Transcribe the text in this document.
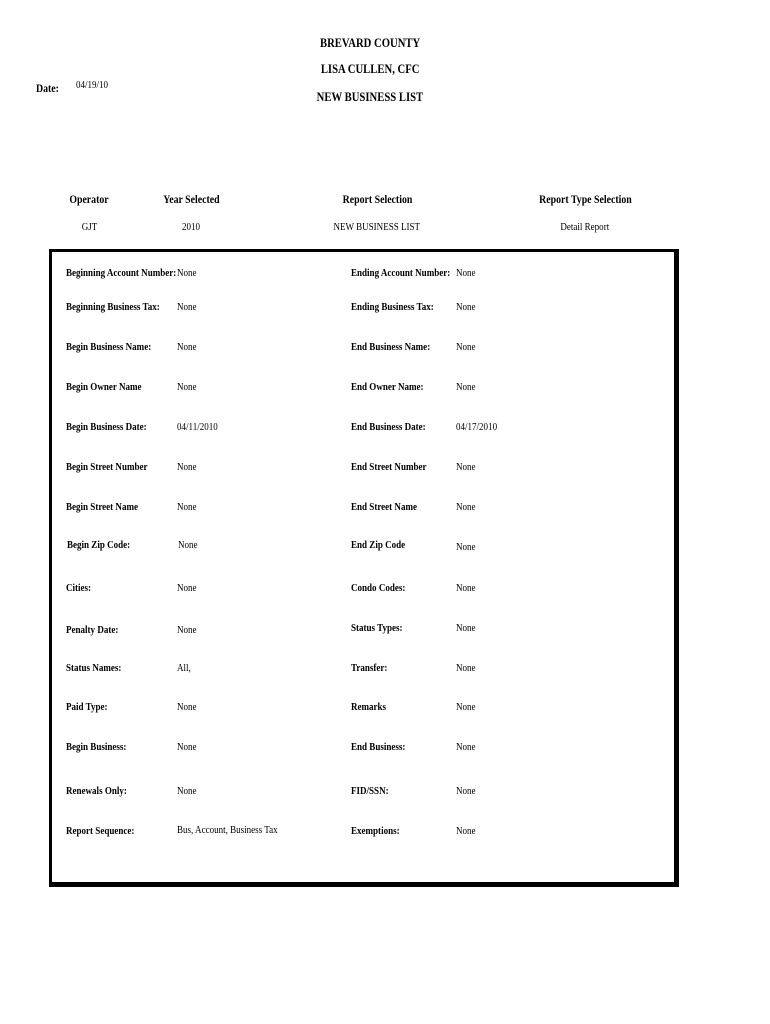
BREVARD COUNTY
LISA CULLEN, CFC
NEW BUSINESS LIST
Date:	04/19/10
Operator	Year Selected	Report Selection	Report Type Selection
GJT	2010	NEW BUSINESS LIST	Detail Report
Beginning Account Number: None	Ending Account Number: None
Beginning Business Tax:	None	Ending Business Tax:	None
Begin Business Name:	None	End Business Name:	None
Begin Owner Name	None	End Owner Name:	None
Begin Business Date:	04/11/2010	End Business Date:	04/17/2010
Begin Street Number	None	End Street Number	None
Begin Street Name	None	End Street Name	None
Begin Zip Code:	None	End Zip Code	None
Cities:	None	Condo Codes:	None
Penalty Date:	None	Status Types:	None
Status Names:	All,	Transfer:	None
Paid Type:	None	Remarks	None
Begin Business:	None	End Business:	None
Renewals Only:	None	FID/SSN:	None
Report Sequence:	Bus, Account, Business Tax	Exemptions:	None
